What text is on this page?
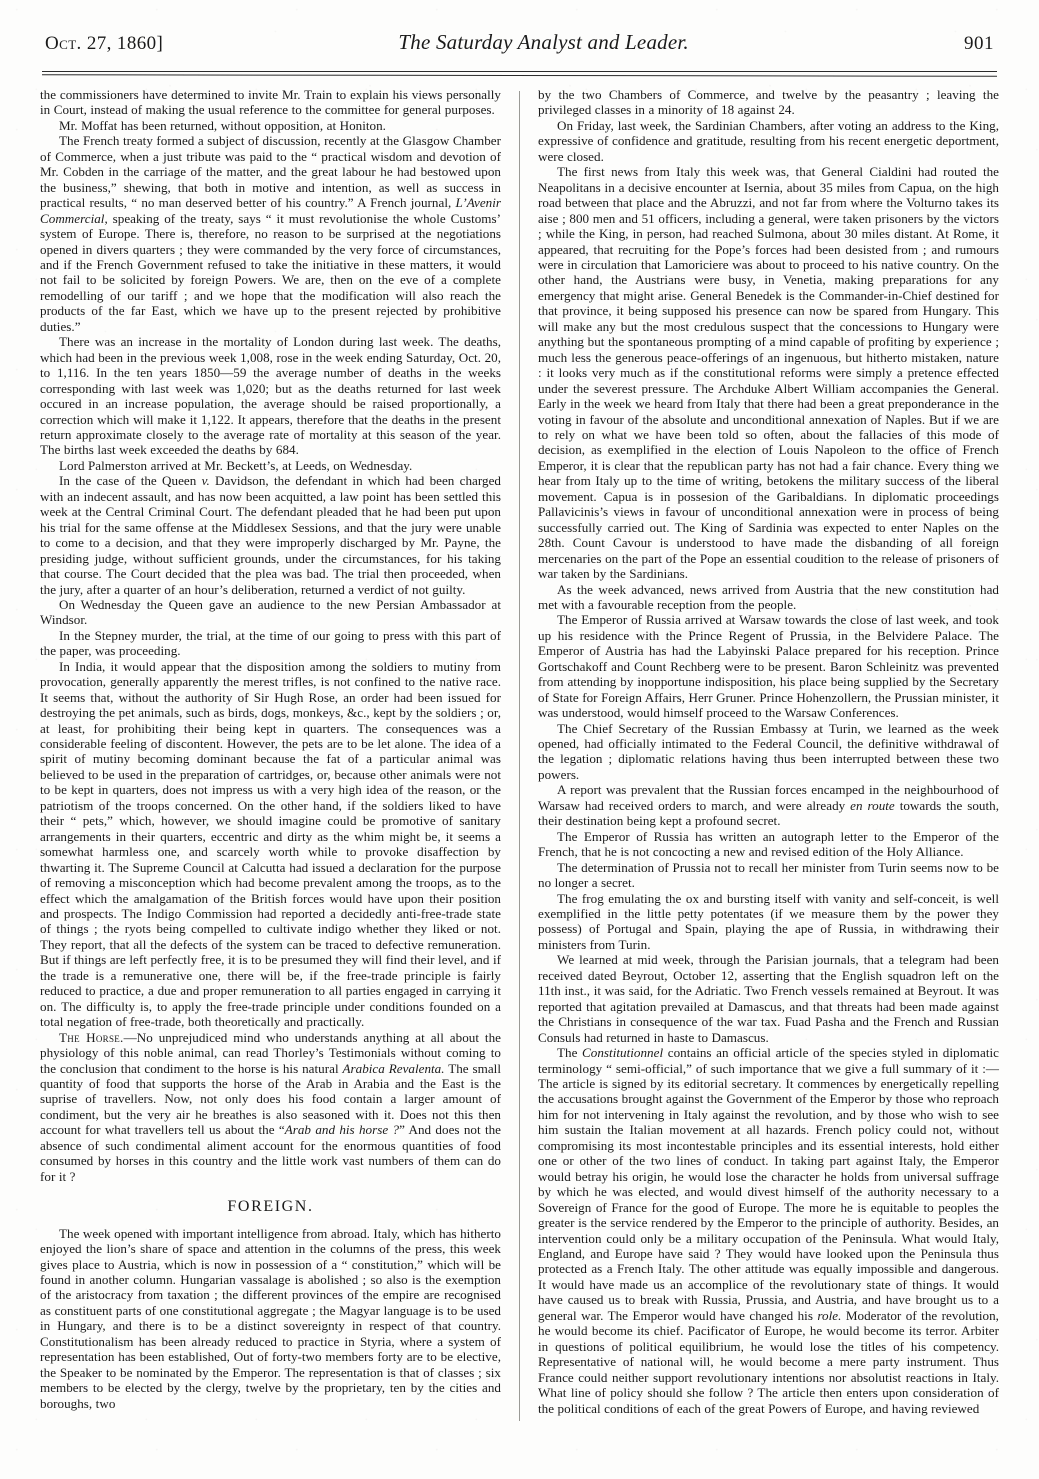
Oct. 27, 1860]	The Saturday Analyst and Leader.	901

the commissioners have determined to invite Mr. Train to explain his views personally in Court, instead of making the usual reference to the committee for general purposes.

Mr. Moffat has been returned, without opposition, at Honiton.

The French treaty formed a subject of discussion, recently at the Glasgow Chamber of Commerce, when a just tribute was paid to the “ practical wisdom and devotion of Mr. Cobden in the carriage of the matter, and the great labour he had bestowed upon the business,” shewing, that both in motive and intention, as well as success in practical results, “ no man deserved better of his country.” A French journal, L’Avenir Commercial, speaking of the treaty, says “ it must revolutionise the whole Customs’ system of Europe. There is, therefore, no reason to be surprised at the negotiations opened in divers quarters ; they were commanded by the very force of circumstances, and if the French Government refused to take the initiative in these matters, it would not fail to be solicited by foreign Powers. We are, then on the eve of a complete remodelling of our tariff ; and we hope that the modification will also reach the products of the far East, which we have up to the present rejected by prohibitive duties.”

There was an increase in the mortality of London during last week. The deaths, which had been in the previous week 1,008, rose in the week ending Saturday, Oct. 20, to 1,116. In the ten years 1850—59 the average number of deaths in the weeks corresponding with last week was 1,020; but as the deaths returned for last week occured in an increase population, the average should be raised proportionally, a correction which will make it 1,122. It appears, therefore that the deaths in the present return approximate closely to the average rate of mortality at this season of the year. The births last week exceeded the deaths by 684.

Lord Palmerston arrived at Mr. Beckett’s, at Leeds, on Wednesday.

In the case of the Queen v. Davidson, the defendant in which had been charged with an indecent assault, and has now been acquitted, a law point has been settled this week at the Central Criminal Court. The defendant pleaded that he had been put upon his trial for the same offense at the Middlesex Sessions, and that the jury were unable to come to a decision, and that they were improperly discharged by Mr. Payne, the presiding judge, without sufficient grounds, under the circumstances, for his taking that course. The Court decided that the plea was bad. The trial then proceeded, when the jury, after a quarter of an hour’s deliberation, returned a verdict of not guilty.

On Wednesday the Queen gave an audience to the new Persian Ambassador at Windsor.

In the Stepney murder, the trial, at the time of our going to press with this part of the paper, was proceeding.

In India, it would appear that the disposition among the soldiers to mutiny from provocation, generally apparently the merest trifles, is not confined to the native race. It seems that, without the authority of Sir Hugh Rose, an order had been issued for destroying the pet animals, such as birds, dogs, monkeys, &c., kept by the soldiers ; or, at least, for prohibiting their being kept in quarters. The consequences was a considerable feeling of discontent. However, the pets are to be let alone. The idea of a spirit of mutiny becoming dominant because the fat of a particular animal was believed to be used in the preparation of cartridges, or, because other animals were not to be kept in quarters, does not impress us with a very high idea of the reason, or the patriotism of the troops concerned. On the other hand, if the soldiers liked to have their “ pets,” which, however, we should imagine could be promotive of sanitary arrangements in their quarters, eccentric and dirty as the whim might be, it seems a somewhat harmless one, and scarcely worth while to provoke disaffection by thwarting it. The Supreme Council at Calcutta had issued a declaration for the purpose of removing a misconception which had become prevalent among the troops, as to the effect which the amalgamation of the British forces would have upon their position and prospects. The Indigo Commission had reported a decidedly anti-free-trade state of things ; the ryots being compelled to cultivate indigo whether they liked or not. They report, that all the defects of the system can be traced to defective remuneration. But if things are left perfectly free, it is to be presumed they will find their level, and if the trade is a remunerative one, there will be, if the free-trade principle is fairly reduced to practice, a due and proper remuneration to all parties engaged in carrying it on. The difficulty is, to apply the free-trade principle under conditions founded on a total negation of free-trade, both theoretically and practically.

The Horse.—No unprejudiced mind who understands anything at all about the physiology of this noble animal, can read Thorley’s Testimonials without coming to the conclusion that condiment to the horse is his natural Arabica Revalenta. The small quantity of food that supports the horse of the Arab in Arabia and the East is the suprise of travellers. Now, not only does his food contain a larger amount of condiment, but the very air he breathes is also seasoned with it. Does not this then account for what travellers tell us about the “Arab and his horse ?” And does not the absence of such condimental aliment account for the enormous quantities of food consumed by horses in this country and the little work vast numbers of them can do for it ?

FOREIGN.

The week opened with important intelligence from abroad. Italy, which has hitherto enjoyed the lion’s share of space and attention in the columns of the press, this week gives place to Austria, which is now in possession of a “ constitution,” which will be found in another column. Hungarian vassalage is abolished ; so also is the exemption of the aristocracy from taxation ; the different provinces of the empire are recognised as constituent parts of one constitutional aggregate ; the Magyar language is to be used in Hungary, and there is to be a distinct sovereignty in respect of that country. Constitutionalism has been already reduced to practice in Styria, where a system of representation has been established, Out of forty-two members forty are to be elective, the Speaker to be nominated by the Emperor. The representation is that of classes ; six members to be elected by the clergy, twelve by the proprietary, ten by the cities and boroughs, two

by the two Chambers of Commerce, and twelve by the peasantry ; leaving the privileged classes in a minority of 18 against 24.

On Friday, last week, the Sardinian Chambers, after voting an address to the King, expressive of confidence and gratitude, resulting from his recent energetic deportment, were closed.

The first news from Italy this week was, that General Cialdini had routed the Neapolitans in a decisive encounter at Isernia, about 35 miles from Capua, on the high road between that place and the Abruzzi, and not far from where the Volturno takes its aise ; 800 men and 51 officers, including a general, were taken prisoners by the victors ; while the King, in person, had reached Sulmona, about 30 miles distant. At Rome, it appeared, that recruiting for the Pope’s forces had been desisted from ; and rumours were in circulation that Lamoriciere was about to proceed to his native country. On the other hand, the Austrians were busy, in Venetia, making preparations for any emergency that might arise. General Benedek is the Commander-in-Chief destined for that province, it being supposed his presence can now be spared from Hungary. This will make any but the most credulous suspect that the concessions to Hungary were anything but the spontaneous prompting of a mind capable of profiting by experience ; much less the generous peace-offerings of an ingenuous, but hitherto mistaken, nature : it looks very much as if the constitutional reforms were simply a pretence effected under the severest pressure. The Archduke Albert William accompanies the General. Early in the week we heard from Italy that there had been a great preponderance in the voting in favour of the absolute and unconditional annexation of Naples. But if we are to rely on what we have been told so often, about the fallacies of this mode of decision, as exemplified in the election of Louis Napoleon to the office of French Emperor, it is clear that the republican party has not had a fair chance. Every thing we hear from Italy up to the time of writing, betokens the military success of the liberal movement. Capua is in possesion of the Garibaldians. In diplomatic proceedings Pallavicinis’s views in favour of unconditional annexation were in process of being successfully carried out. The King of Sardinia was expected to enter Naples on the 28th. Count Cavour is understood to have made the disbanding of all foreign mercenaries on the part of the Pope an essential coudition to the release of prisoners of war taken by the Sardinians.

As the week advanced, news arrived from Austria that the new constitution had met with a favourable reception from the people.

The Emperor of Russia arrived at Warsaw towards the close of last week, and took up his residence with the Prince Regent of Prussia, in the Belvidere Palace. The Emperor of Austria has had the Labyinski Palace prepared for his reception. Prince Gortschakoff and Count Rechberg were to be present. Baron Schleinitz was prevented from attending by inopportune indisposition, his place being supplied by the Secretary of State for Foreign Affairs, Herr Gruner. Prince Hohenzollern, the Prussian minister, it was understood, would himself proceed to the Warsaw Conferences.

The Chief Secretary of the Russian Embassy at Turin, we learned as the week opened, had officially intimated to the Federal Council, the definitive withdrawal of the legation ; diplomatic relations having thus been interrupted between these two powers.

A report was prevalent that the Russian forces encamped in the neighbourhood of Warsaw had received orders to march, and were already en route towards the south, their destination being kept a profound secret.

The Emperor of Russia has written an autograph letter to the Emperor of the French, that he is not concocting a new and revised edition of the Holy Alliance.

The determination of Prussia not to recall her minister from Turin seems now to be no longer a secret.

The frog emulating the ox and bursting itself with vanity and self-conceit, is well exemplified in the little petty potentates (if we measure them by the power they possess) of Portugal and Spain, playing the ape of Russia, in withdrawing their ministers from Turin.

We learned at mid week, through the Parisian journals, that a telegram had been received dated Beyrout, October 12, asserting that the English squadron left on the 11th inst., it was said, for the Adriatic. Two French vessels remained at Beyrout. It was reported that agitation prevailed at Damascus, and that threats had been made against the Christians in consequence of the war tax. Fuad Pasha and the French and Russian Consuls had returned in haste to Damascus.

The Constitutionnel contains an official article of the species styled in diplomatic terminology “ semi-official,” of such importance that we give a full summary of it :—The article is signed by its editorial secretary. It commences by energetically repelling the accusations brought against the Government of the Emperor by those who reproach him for not intervening in Italy against the revolution, and by those who wish to see him sustain the Italian movement at all hazards. French policy could not, without compromising its most incontestable principles and its essential interests, hold either one or other of the two lines of conduct. In taking part against Italy, the Emperor would betray his origin, he would lose the character he holds from universal suffrage by which he was elected, and would divest himself of the authority necessary to a Sovereign of France for the good of Europe. The more he is equitable to peoples the greater is the service rendered by the Emperor to the principle of authority. Besides, an intervention could only be a military occupation of the Peninsula. What would Italy, England, and Europe have said ? They would have looked upon the Peninsula thus protected as a French Italy. The other attitude was equally impossible and dangerous. It would have made us an accomplice of the revolutionary state of things. It would have caused us to break with Russia, Prussia, and Austria, and have brought us to a general war. The Emperor would have changed his role. Moderator of the revolution, he would become its chief. Pacificator of Europe, he would become its terror. Arbiter in questions of political equilibrium, he would lose the titles of his competency. Representative of national will, he would become a mere party instrument. Thus France could neither support revolutionary intentions nor absolutist reactions in Italy. What line of policy should she follow ? The article then enters upon consideration of the political conditions of each of the great Powers of Europe, and having reviewed
